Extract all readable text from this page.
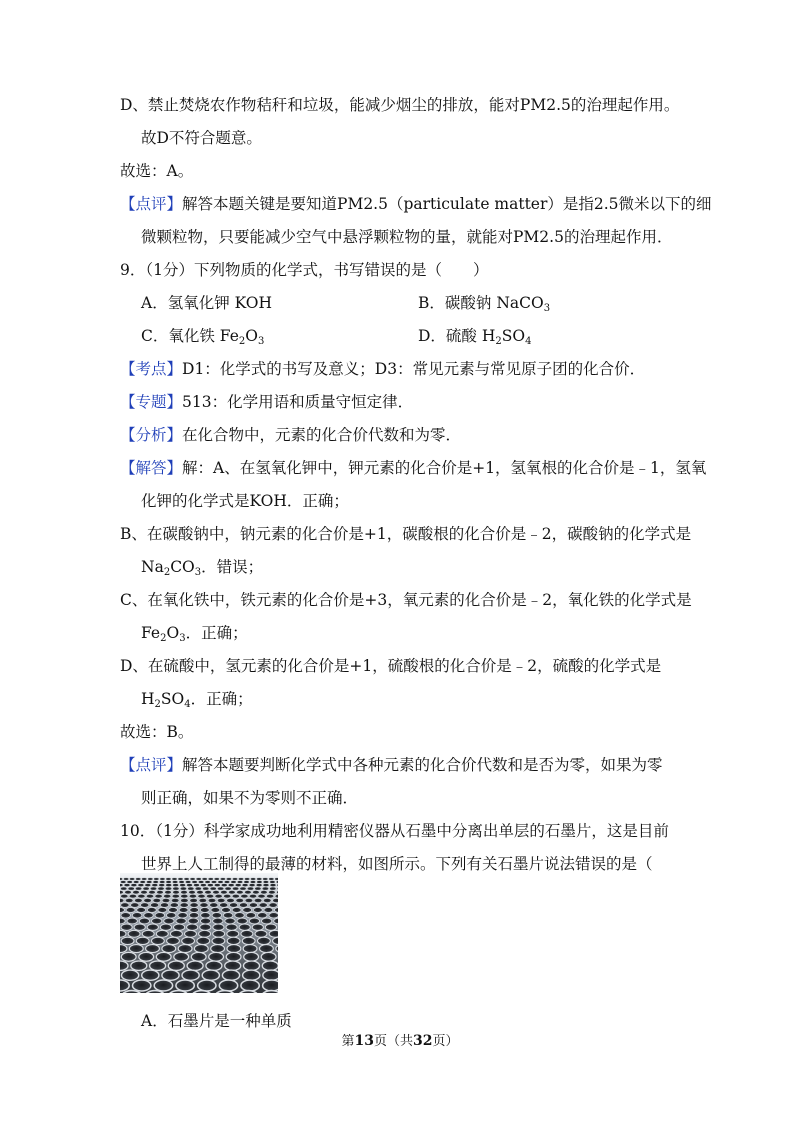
D、禁止焚烧农作物秸秆和垃圾，能减少烟尘的排放，能对PM2.5的治理起作用。
故D不符合题意。
故选：A。
【点评】解答本题关键是要知道PM2.5（particulate matter）是指2.5微米以下的细
微颗粒物，只要能减少空气中悬浮颗粒物的量，就能对PM2.5的治理起作用．
9．（1分）下列物质的化学式，书写错误的是（　　）
A．氢氧化钾 KOH	B．碳酸钠 NaCO$_3$
C．氧化铁 $Fe_2O_3$	D．硫酸 $H_2SO_4$
【考点】D1：化学式的书写及意义；D3：常见元素与常见原子团的化合价．
【专题】513：化学用语和质量守恒定律．
【分析】在化合物中，元素的化合价代数和为零．
【解答】解：A、在氢氧化钾中，钾元素的化合价是+1，氢氧根的化合价是﹣1，氢氧
化钾的化学式是KOH．正确；
B、在碳酸钠中，钠元素的化合价是+1，碳酸根的化合价是﹣2，碳酸钠的化学式是
$Na_2CO_3$．错误；
C、在氧化铁中，铁元素的化合价是+3，氧元素的化合价是﹣2，氧化铁的化学式是
$Fe_2O_3$．正确；
D、在硫酸中，氢元素的化合价是+1，硫酸根的化合价是﹣2，硫酸的化学式是
$H_2SO_4$．正确；
故选：B。
【点评】解答本题要判断化学式中各种元素的化合价代数和是否为零，如果为零
则正确，如果不为零则不正确．
10．（1分）科学家成功地利用精密仪器从石墨中分离出单层的石墨片，这是目前
世界上人工制得的最薄的材料，如图所示。下列有关石墨片说法错误的是（
A．石墨片是一种单质
第13页（共32页）
